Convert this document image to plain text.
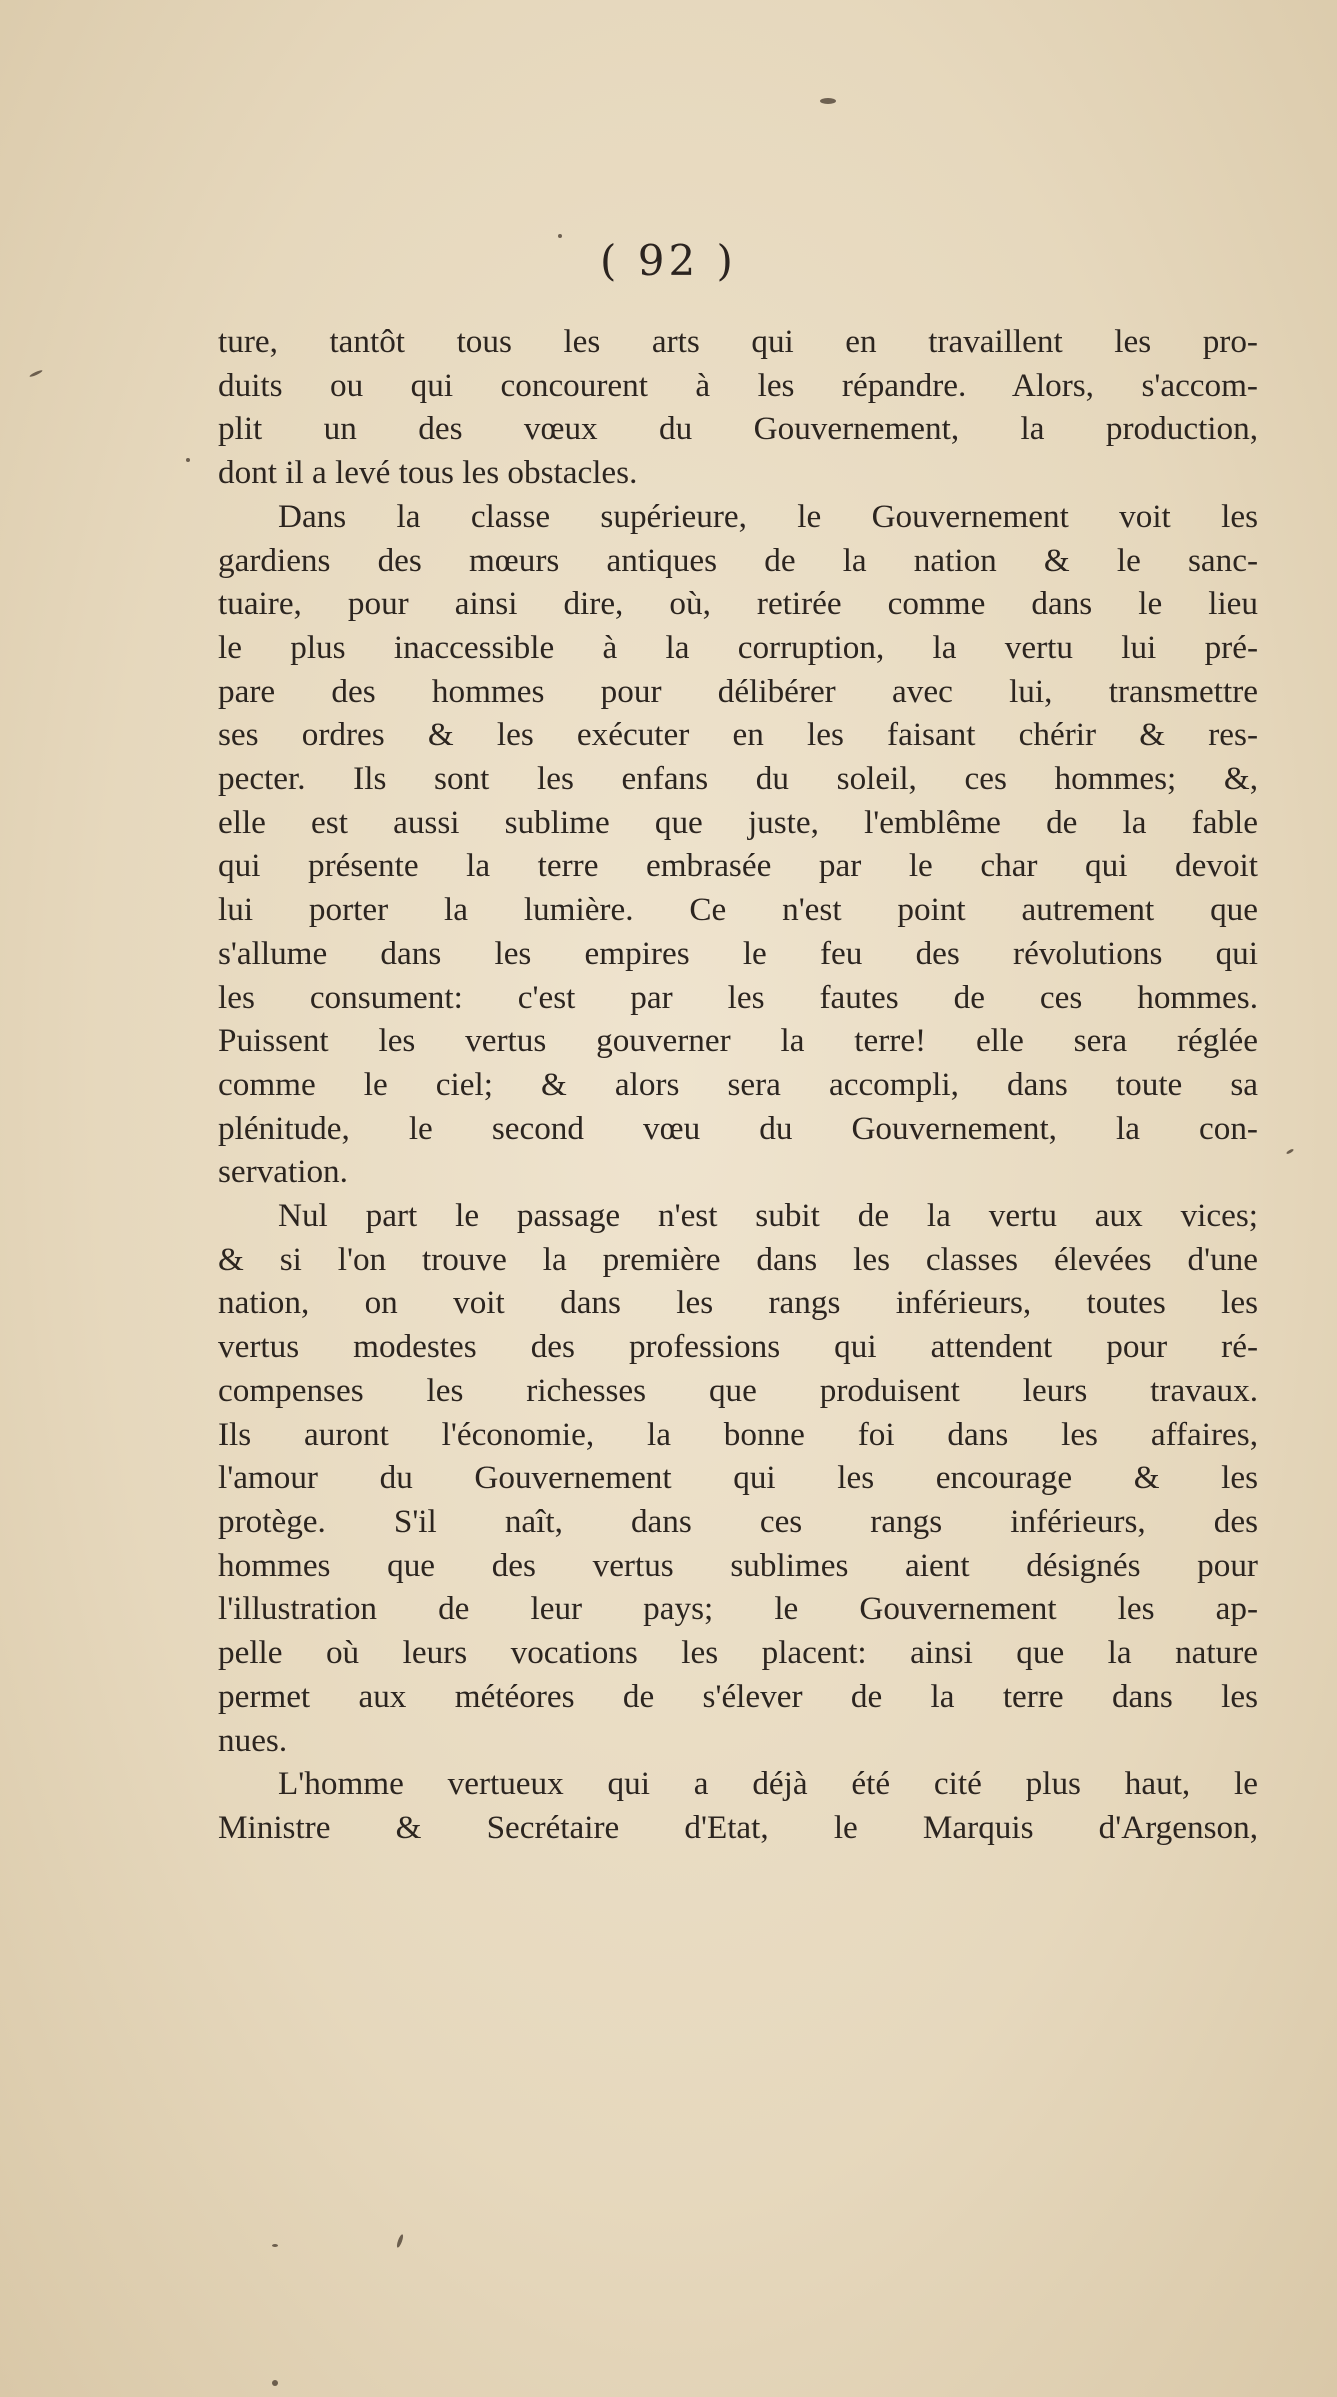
( 92 )
ture, tantôt tous les arts qui en travaillent les pro-
duits ou qui concourent à les répandre. Alors, s'accom-
plit un des vœux du Gouvernement, la production,
dont il a levé tous les obstacles.
Dans la classe supérieure, le Gouvernement voit les
gardiens des mœurs antiques de la nation & le sanc-
tuaire, pour ainsi dire, où, retirée comme dans le lieu
le plus inaccessible à la corruption, la vertu lui pré-
pare des hommes pour délibérer avec lui, transmettre
ses ordres & les exécuter en les faisant chérir & res-
pecter. Ils sont les enfans du soleil, ces hommes; &,
elle est aussi sublime que juste, l'emblême de la fable
qui présente la terre embrasée par le char qui devoit
lui porter la lumière. Ce n'est point autrement que
s'allume dans les empires le feu des révolutions qui
les consument: c'est par les fautes de ces hommes.
Puissent les vertus gouverner la terre! elle sera réglée
comme le ciel; & alors sera accompli, dans toute sa
plénitude, le second vœu du Gouvernement, la con-
servation.
Nul part le passage n'est subit de la vertu aux vices;
& si l'on trouve la première dans les classes élevées d'une
nation, on voit dans les rangs inférieurs, toutes les
vertus modestes des professions qui attendent pour ré-
compenses les richesses que produisent leurs travaux.
Ils auront l'économie, la bonne foi dans les affaires,
l'amour du Gouvernement qui les encourage & les
protège. S'il naît, dans ces rangs inférieurs, des
hommes que des vertus sublimes aient désignés pour
l'illustration de leur pays; le Gouvernement les ap-
pelle où leurs vocations les placent: ainsi que la nature
permet aux météores de s'élever de la terre dans les
nues.
L'homme vertueux qui a déjà été cité plus haut, le
Ministre & Secrétaire d'Etat, le Marquis d'Argenson,
